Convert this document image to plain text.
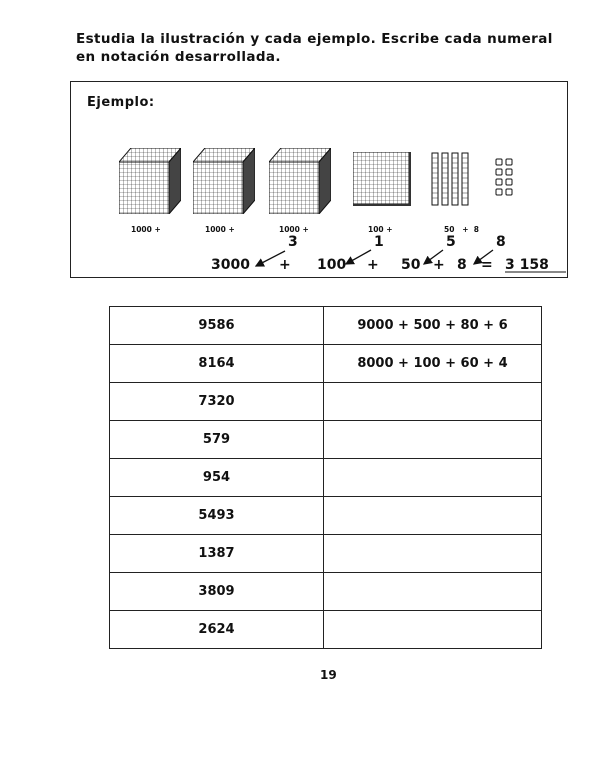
Estudia la ilustración y cada ejemplo. Escribe cada numeral
en notación desarrollada.
Ejemplo:
1000 +	1000 +	1000 +	100 +	50   +  8
3	1	5	8
3000 + 100 + 50 + 8 = 3 158
9586	9000 + 500 + 80 + 6
8164	8000 + 100 + 60 + 4
7320	
579	
954	
5493	
1387	
3809	
2624	
19
